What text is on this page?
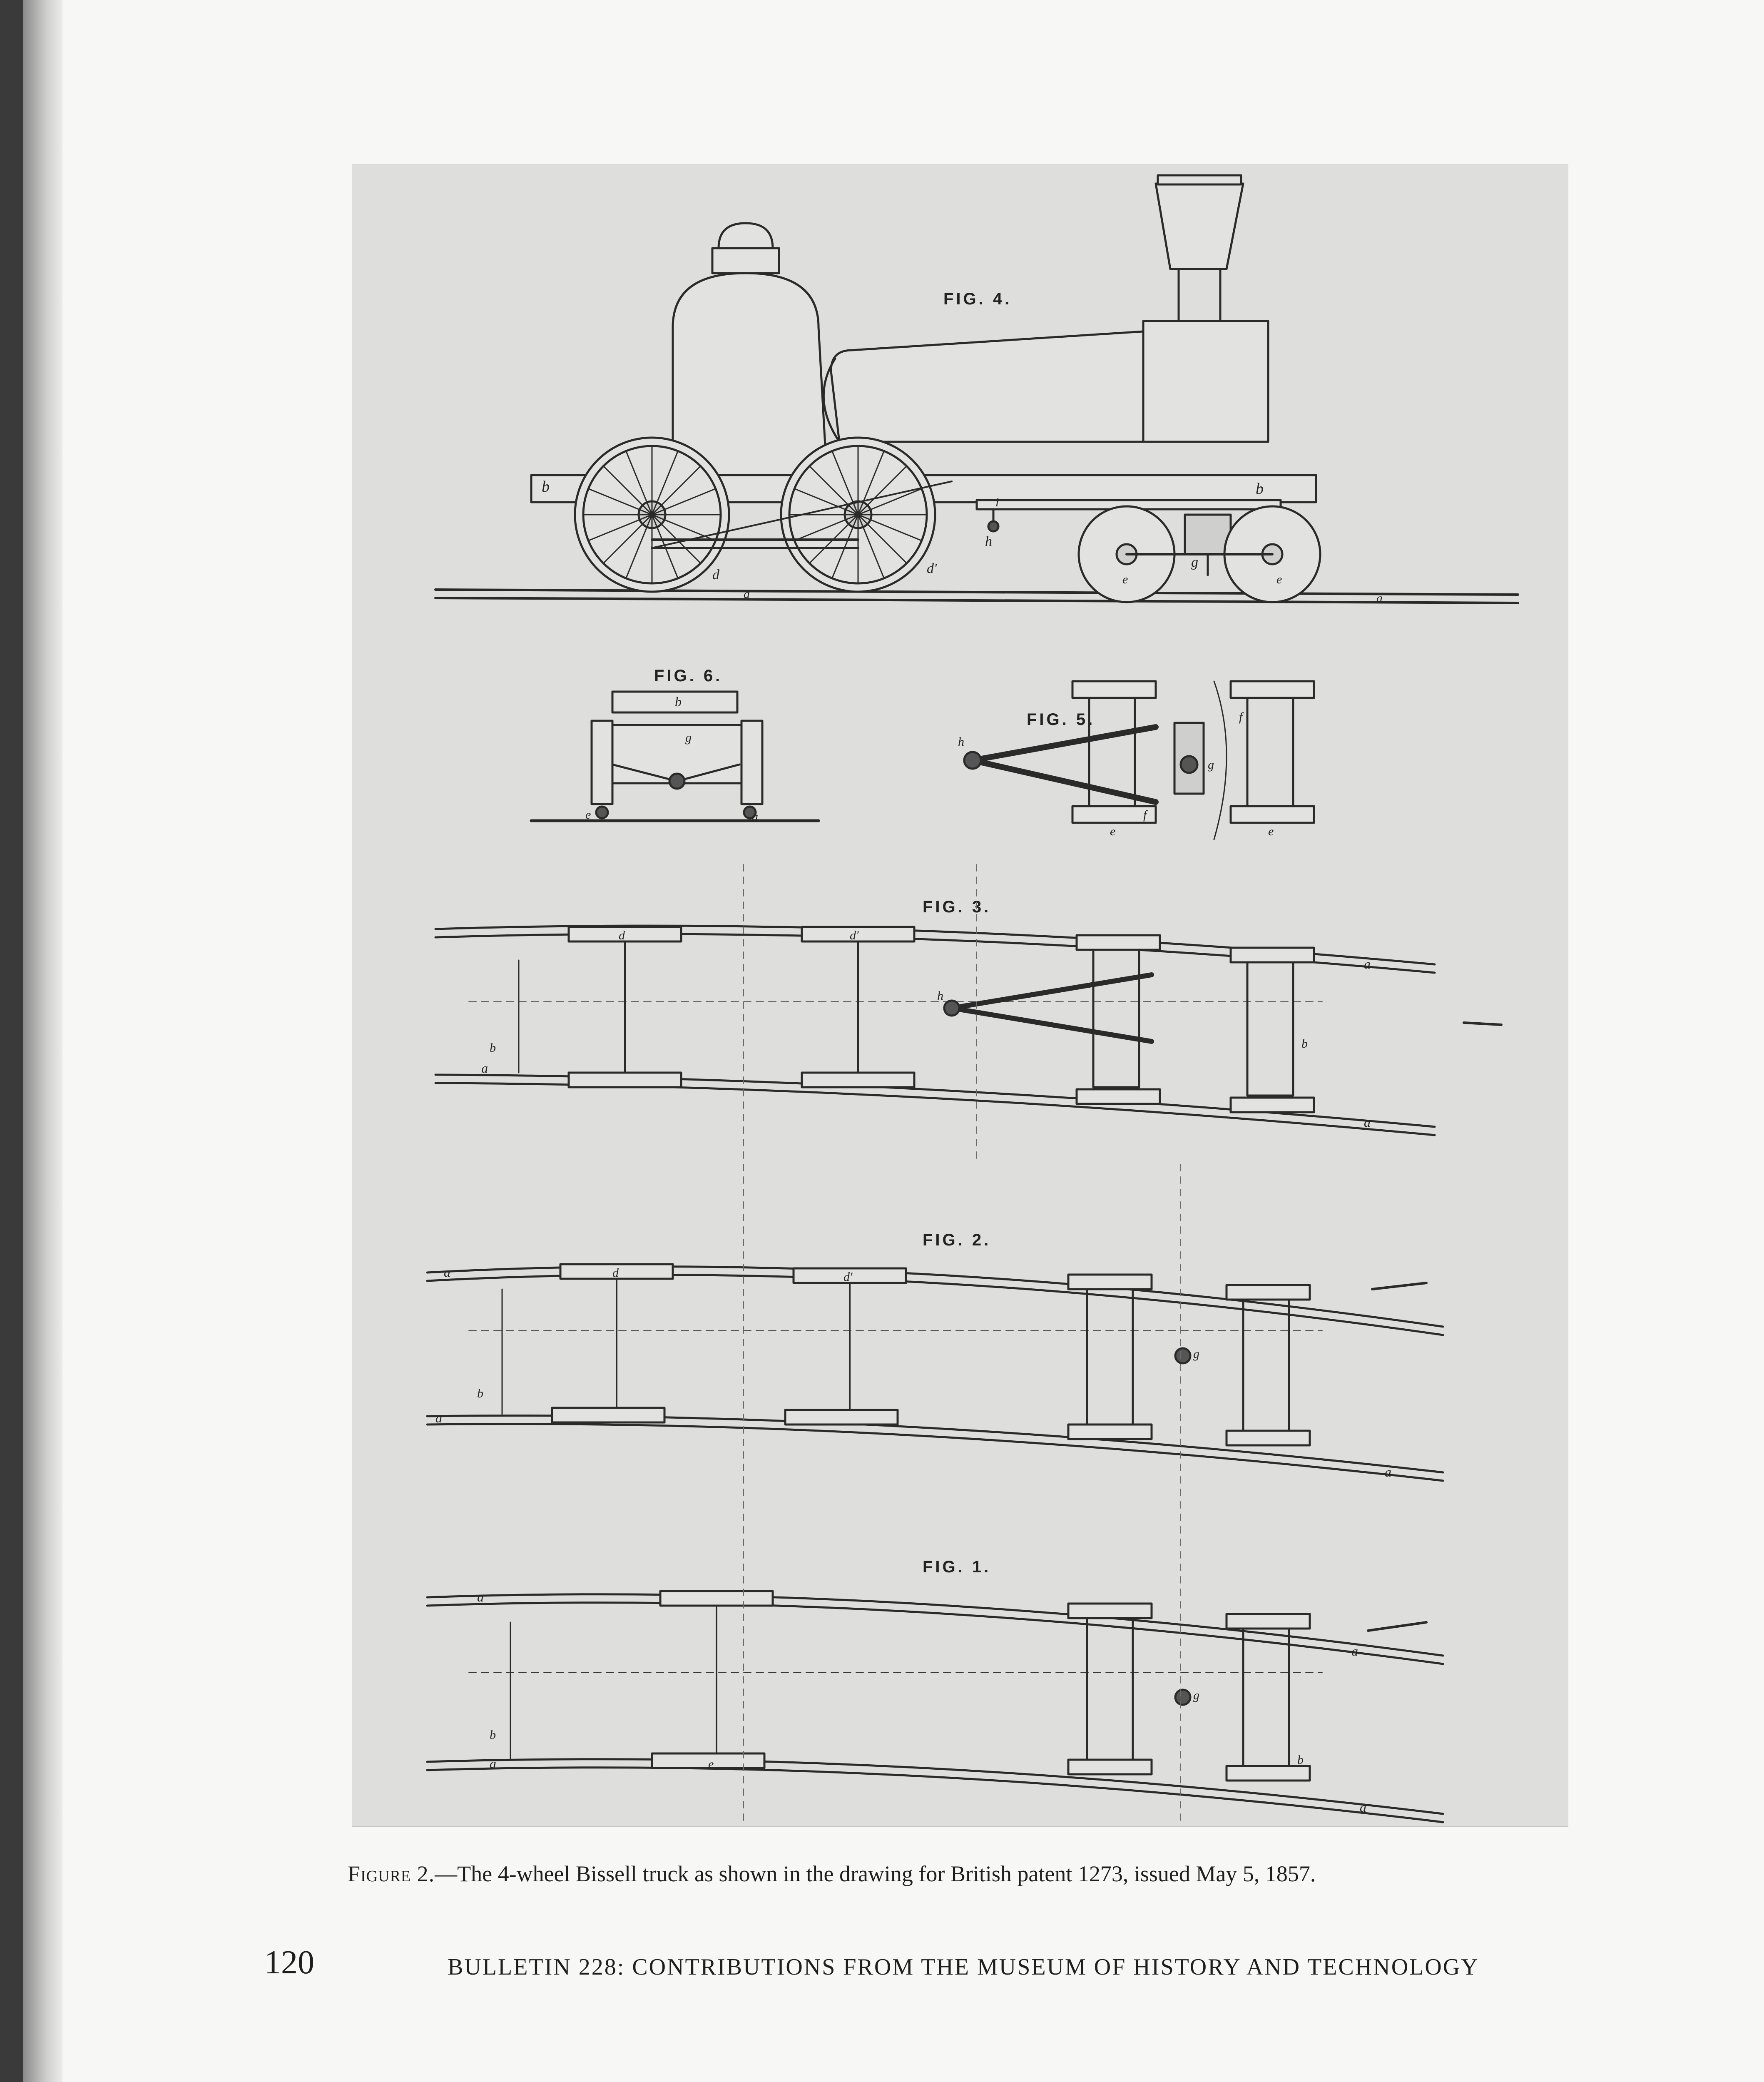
FIG. 4.
b	b
h
i
g
d	d'
e	e
a	a
FIG. 6.
b
g
e	a
FIG. 5.
h
g
f
f
e	e
FIG. 3.
a
a
a
d	d'
h
b	b
FIG. 2.
a
a
a
d	d'
g
b
FIG. 1.
a
a
a
a
g
b
b
e
Figure 2.—The 4-wheel Bissell truck as shown in the drawing for British patent 1273, issued May 5, 1857.
120	BULLETIN 228: CONTRIBUTIONS FROM THE MUSEUM OF HISTORY AND TECHNOLOGY
